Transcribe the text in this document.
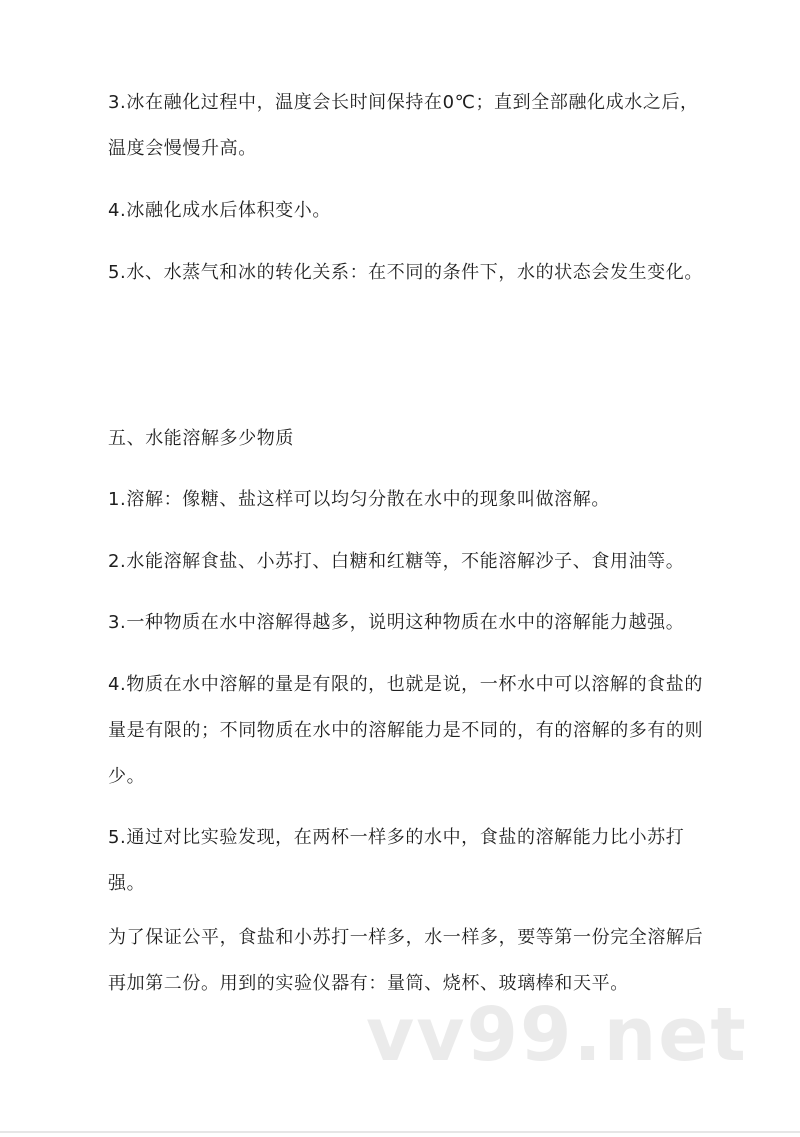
3.冰在融化过程中，温度会长时间保持在0℃；直到全部融化成水之后，温度会慢慢升高。

4.冰融化成水后体积变小。

5.水、水蒸气和冰的转化关系：在不同的条件下，水的状态会发生变化。

五、水能溶解多少物质

1.溶解：像糖、盐这样可以均匀分散在水中的现象叫做溶解。

2.水能溶解食盐、小苏打、白糖和红糖等，不能溶解沙子、食用油等。

3.一种物质在水中溶解得越多，说明这种物质在水中的溶解能力越强。

4.物质在水中溶解的量是有限的，也就是说，一杯水中可以溶解的食盐的量是有限的；不同物质在水中的溶解能力是不同的，有的溶解的多有的则少。

5.通过对比实验发现，在两杯一样多的水中，食盐的溶解能力比小苏打强。

为了保证公平，食盐和小苏打一样多，水一样多，要等第一份完全溶解后再加第二份。用到的实验仪器有：量筒、烧杯、玻璃棒和天平。

vv99.net
